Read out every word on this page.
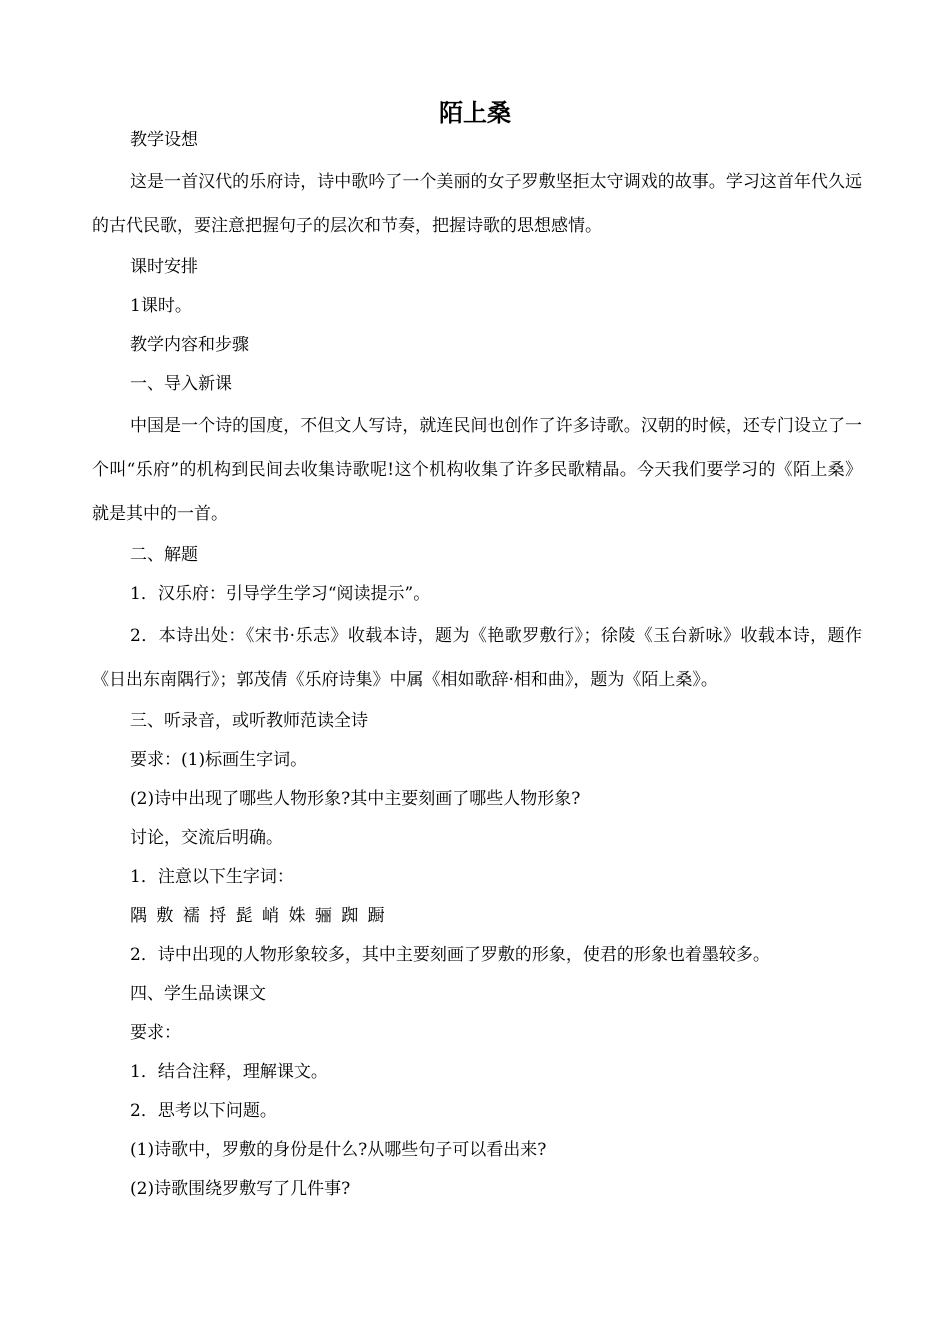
陌上桑

教学设想

这是一首汉代的乐府诗，诗中歌吟了一个美丽的女子罗敷坚拒太守调戏的故事。学习这首年代久远的古代民歌，要注意把握句子的层次和节奏，把握诗歌的思想感情。

课时安排

1课时。

教学内容和步骤

一、导入新课

中国是一个诗的国度，不但文人写诗，就连民间也创作了许多诗歌。汉朝的时候，还专门设立了一个叫“乐府”的机构到民间去收集诗歌呢!这个机构收集了许多民歌精晶。今天我们要学习的《陌上桑》就是其中的一首。

二、解题

1．汉乐府：引导学生学习“阅读提示”。

2．本诗出处：《宋书·乐志》收载本诗，题为《艳歌罗敷行》；徐陵《玉台新咏》收载本诗，题作《日出东南隅行》；郭茂倩《乐府诗集》中属《相如歌辞·相和曲》，题为《陌上桑》。

三、听录音，或听教师范读全诗

要求：(1)标画生字词。

(2)诗中出现了哪些人物形象?其中主要刻画了哪些人物形象?

讨论，交流后明确。

1．注意以下生字词：

隅 敷 襦 捋 髭 峭 姝 骊 踟 蹰

2．诗中出现的人物形象较多，其中主要刻画了罗敷的形象，使君的形象也着墨较多。

四、学生品读课文

要求：

1．结合注释，理解课文。

2．思考以下问题。

(1)诗歌中，罗敷的身份是什么?从哪些句子可以看出来?

(2)诗歌围绕罗敷写了几件事?
